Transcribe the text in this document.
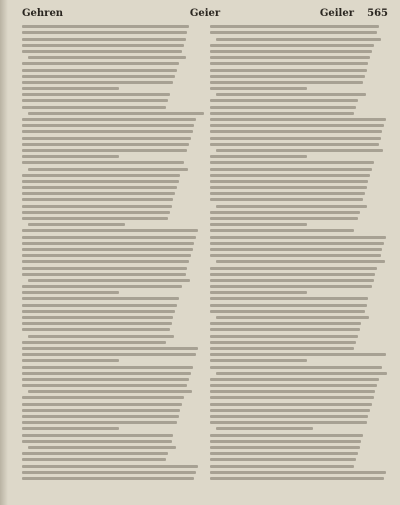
Gehren	Geier	Geiler 565
